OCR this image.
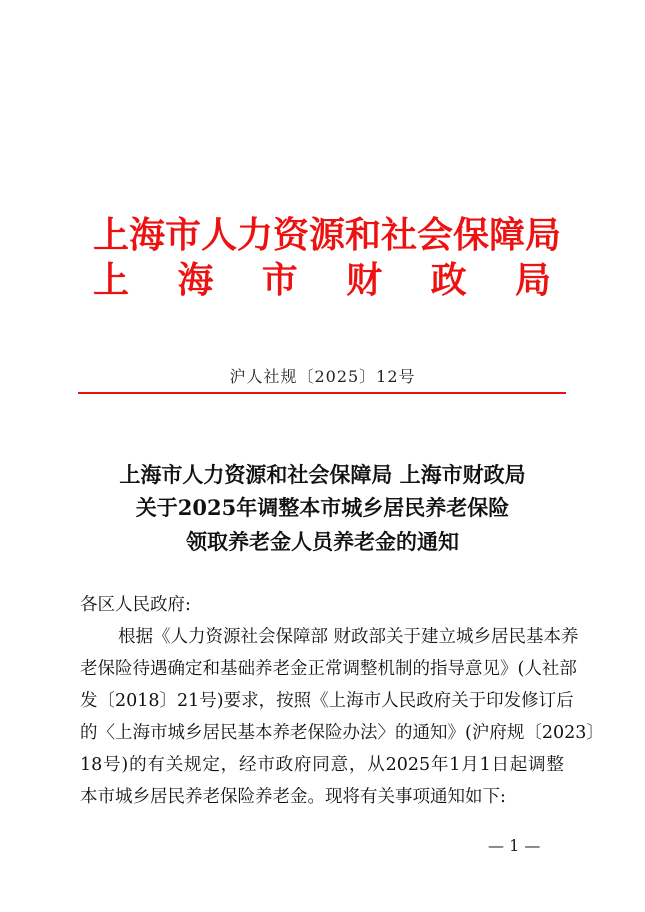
上海市人力资源和社会保障局
上 海 市 财 政 局
沪人社规〔2025〕12号
上海市人力资源和社会保障局 上海市财政局
关于2025年调整本市城乡居民养老保险
领取养老金人员养老金的通知
各区人民政府:
根据《人力资源社会保障部 财政部关于建立城乡居民基本养
老保险待遇确定和基础养老金正常调整机制的指导意见》(人社部
发〔2018〕21号)要求，按照《上海市人民政府关于印发修订后
的〈上海市城乡居民基本养老保险办法〉的通知》(沪府规〔2023〕
18号)的有关规定，经市政府同意，从2025年1月1日起调整
本市城乡居民养老保险养老金。现将有关事项通知如下:
— 1 —
